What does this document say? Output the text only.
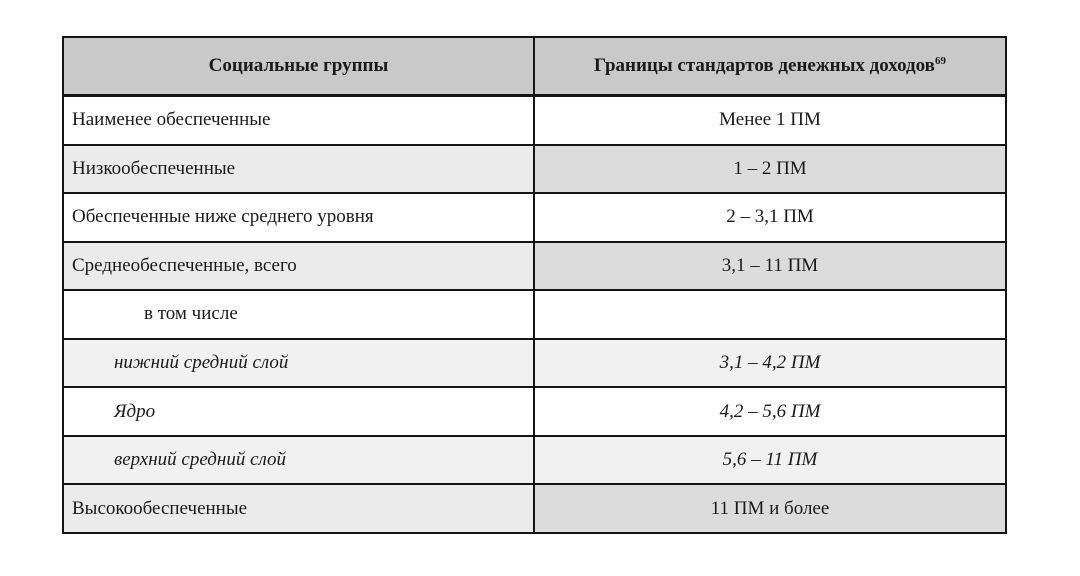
Социальные группы	Границы стандартов денежных доходов$^{69}$
Наименее обеспеченные	Менее 1 ПМ
Низкообеспеченные	1 – 2 ПМ
Обеспеченные ниже среднего уровня	2 – 3,1 ПМ
Среднеобеспеченные, всего	3,1 – 11 ПМ
в том числе	
нижний средний слой	3,1 – 4,2 ПМ
Ядро	4,2 – 5,6 ПМ
верхний средний слой	5,6 – 11 ПМ
Высокообеспеченные	11 ПМ и более
